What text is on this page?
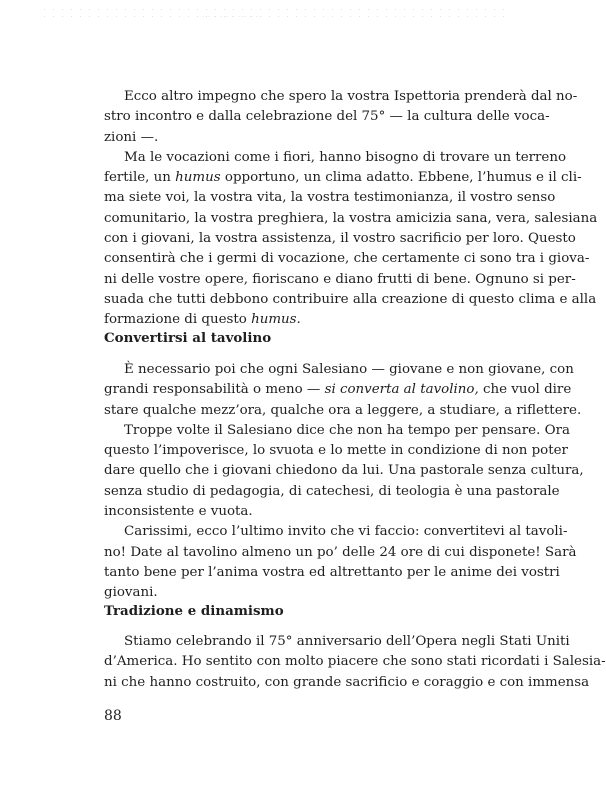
Ecco altro impegno che spero la vostra Ispettoria prenderà dal no-
stro incontro e dalla celebrazione del 75° — la cultura delle voca-
zioni —.
Ma le vocazioni come i fiori, hanno bisogno di trovare un terreno
fertile, un humus opportuno, un clima adatto. Ebbene, l’humus e il cli-
ma siete voi, la vostra vita, la vostra testimonianza, il vostro senso
comunitario, la vostra preghiera, la vostra amicizia sana, vera, salesiana
con i giovani, la vostra assistenza, il vostro sacrificio per loro. Questo
consentirà che i germi di vocazione, che certamente ci sono tra i giova-
ni delle vostre opere, fioriscano e diano frutti di bene. Ognuno si per-
suada che tutti debbono contribuire alla creazione di questo clima e alla
formazione di questo humus.
Convertirsi al tavolino
È necessario poi che ogni Salesiano — giovane e non giovane, con
grandi responsabilità o meno — si converta al tavolino, che vuol dire
stare qualche mezz’ora, qualche ora a leggere, a studiare, a riflettere.
Troppe volte il Salesiano dice che non ha tempo per pensare. Ora
questo l’impoverisce, lo svuota e lo mette in condizione di non poter
dare quello che i giovani chiedono da lui. Una pastorale senza cultura,
senza studio di pedagogia, di catechesi, di teologia è una pastorale
inconsistente e vuota.
Carissimi, ecco l’ultimo invito che vi faccio: convertitevi al tavoli-
no! Date al tavolino almeno un po’ delle 24 ore di cui disponete! Sarà
tanto bene per l’anima vostra ed altrettanto per le anime dei vostri
giovani.
Tradizione e dinamismo
Stiamo celebrando il 75° anniversario dell’Opera negli Stati Uniti
d’America. Ho sentito con molto piacere che sono stati ricordati i Salesia-
ni che hanno costruito, con grande sacrificio e coraggio e con immensa
88
